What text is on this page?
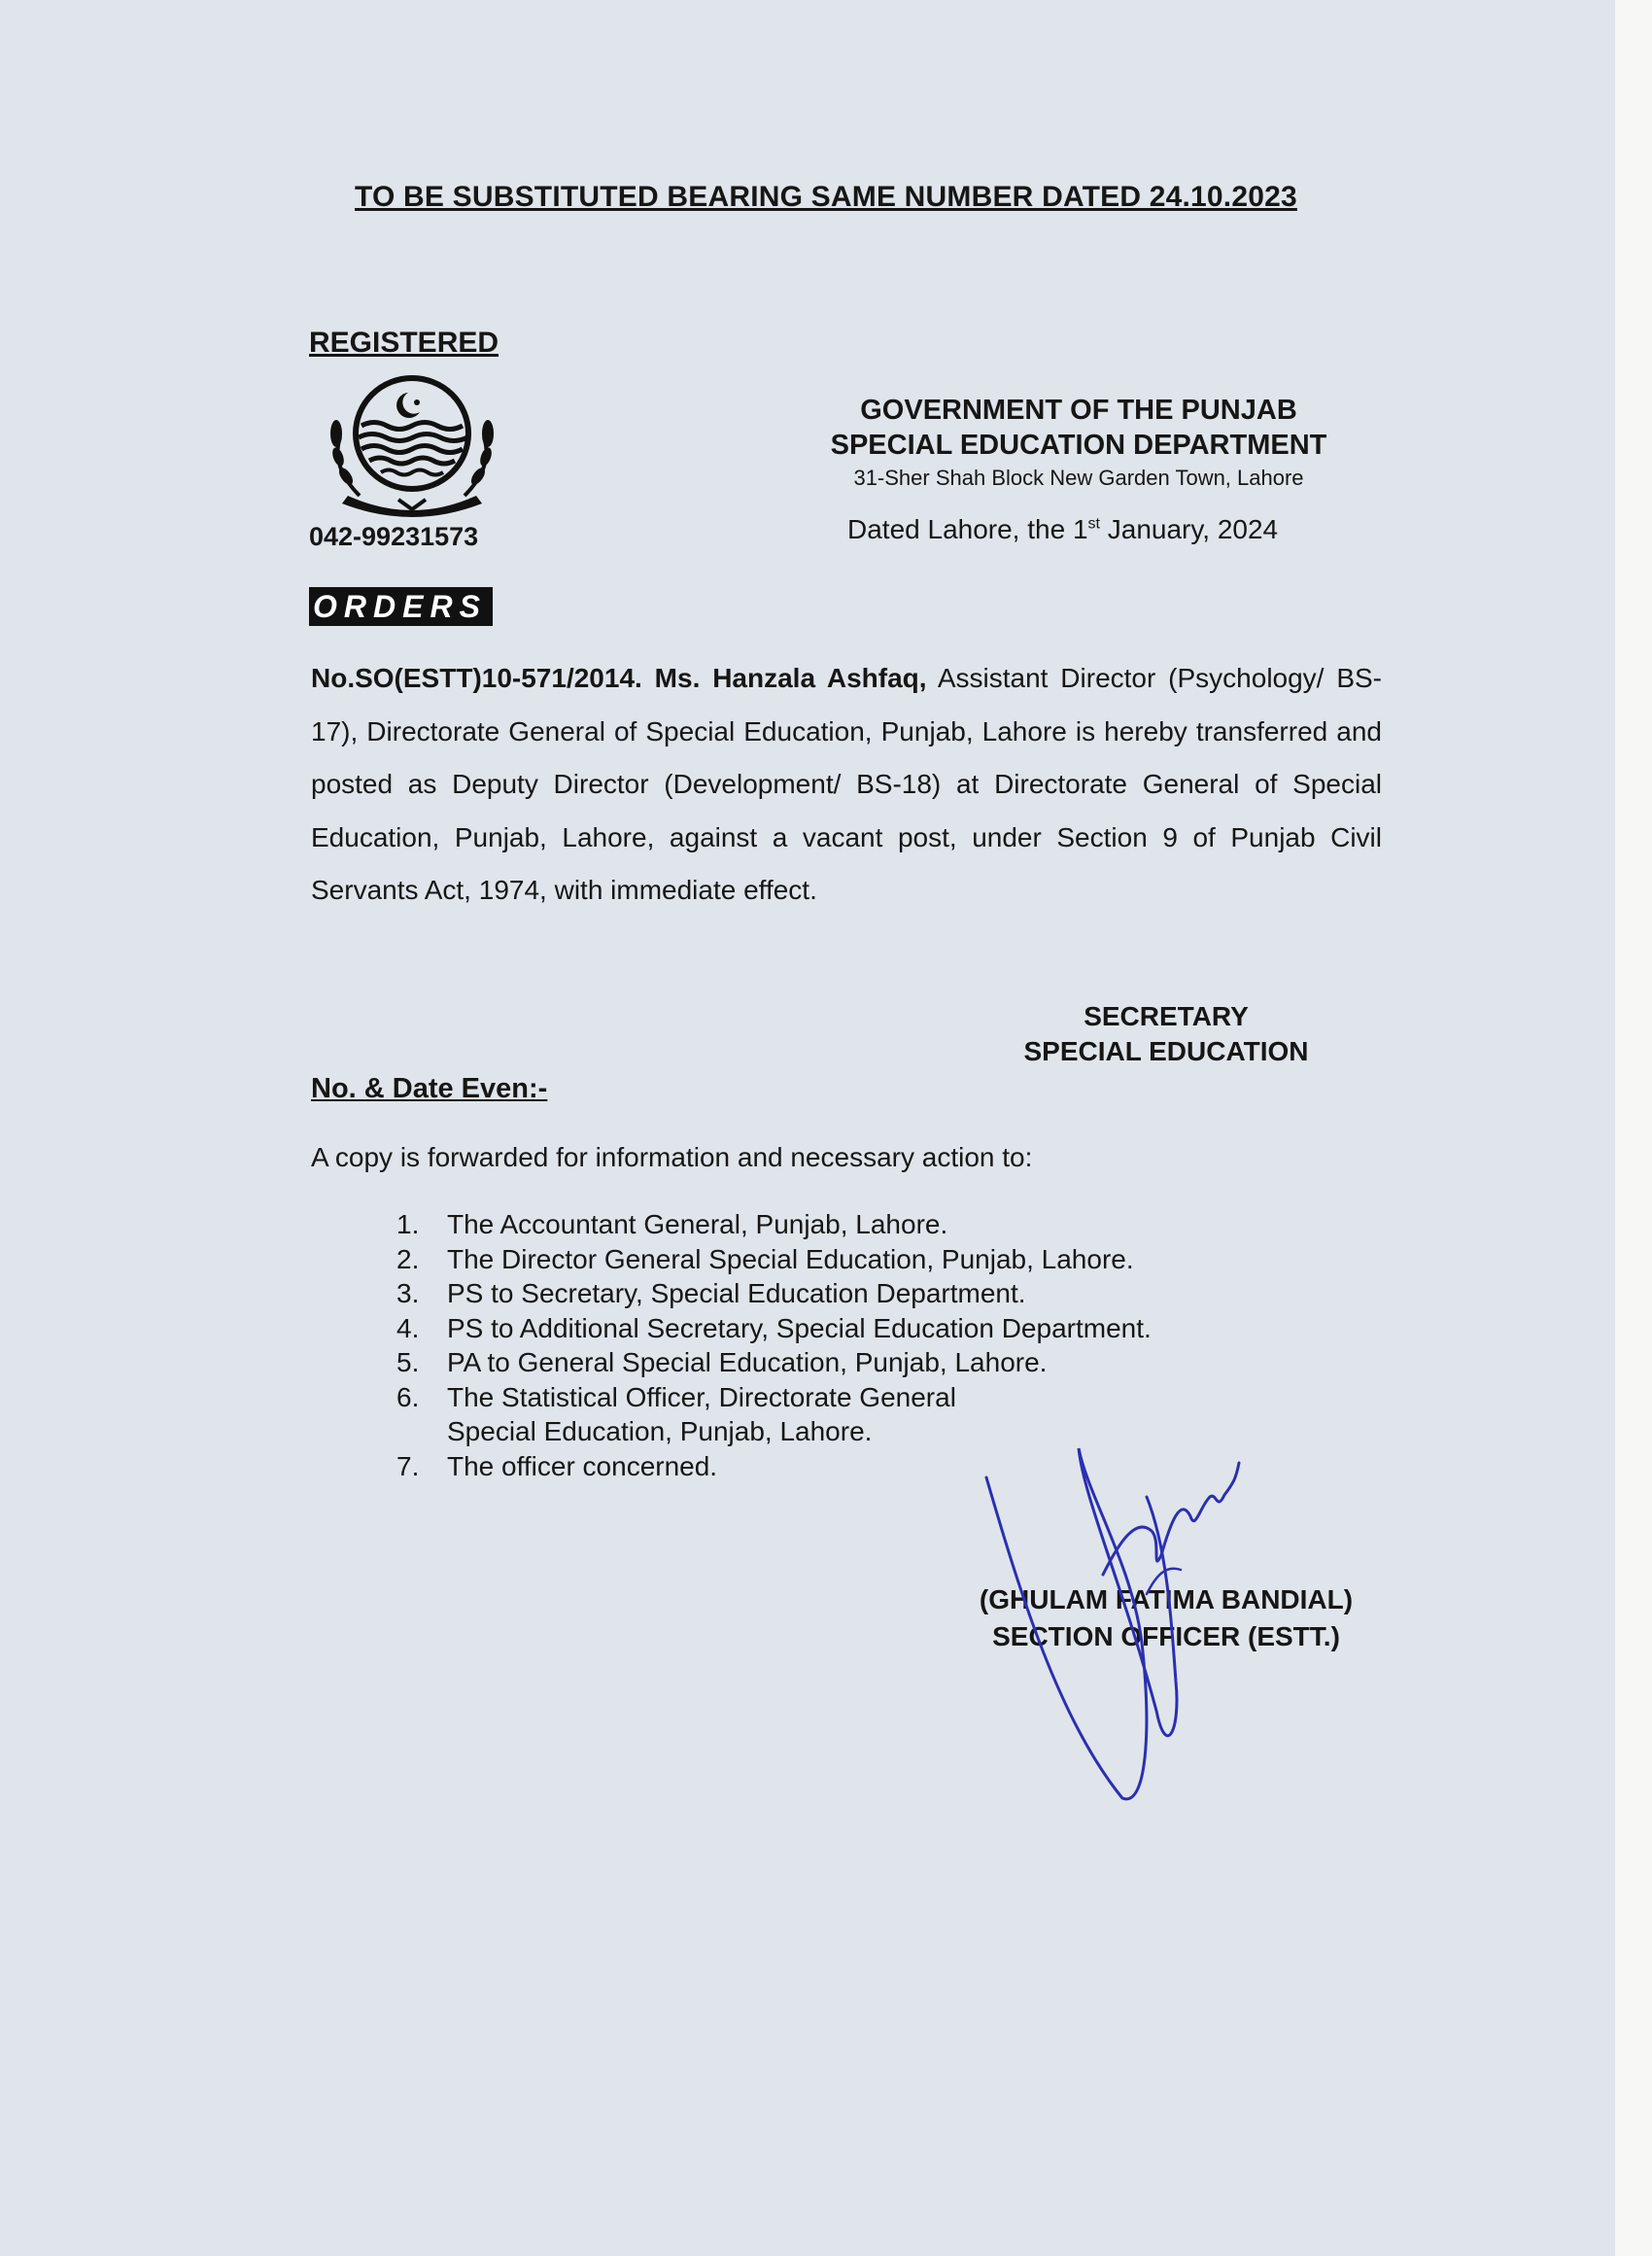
TO BE SUBSTITUTED BEARING SAME NUMBER DATED 24.10.2023
REGISTERED
042-99231573
GOVERNMENT OF THE PUNJAB
SPECIAL EDUCATION DEPARTMENT
31-Sher Shah Block New Garden Town, Lahore
Dated Lahore, the 1st January, 2024
ORDERS
No.SO(ESTT)10-571/2014. Ms. Hanzala Ashfaq, Assistant Director (Psychology/ BS-17), Directorate General of Special Education, Punjab, Lahore is hereby transferred and posted as Deputy Director (Development/ BS-18) at Directorate General of Special Education, Punjab, Lahore, against a vacant post, under Section 9 of Punjab Civil Servants Act, 1974, with immediate effect.
SECRETARY
SPECIAL EDUCATION
No. & Date Even:-
A copy is forwarded for information and necessary action to:
1. The Accountant General, Punjab, Lahore.
2. The Director General Special Education, Punjab, Lahore.
3. PS to Secretary, Special Education Department.
4. PS to Additional Secretary, Special Education Department.
5. PA to General Special Education, Punjab, Lahore.
6. The Statistical Officer, Directorate General Special Education, Punjab, Lahore.
7. The officer concerned.
(GHULAM FATIMA BANDIAL)
SECTION OFFICER (ESTT.)
